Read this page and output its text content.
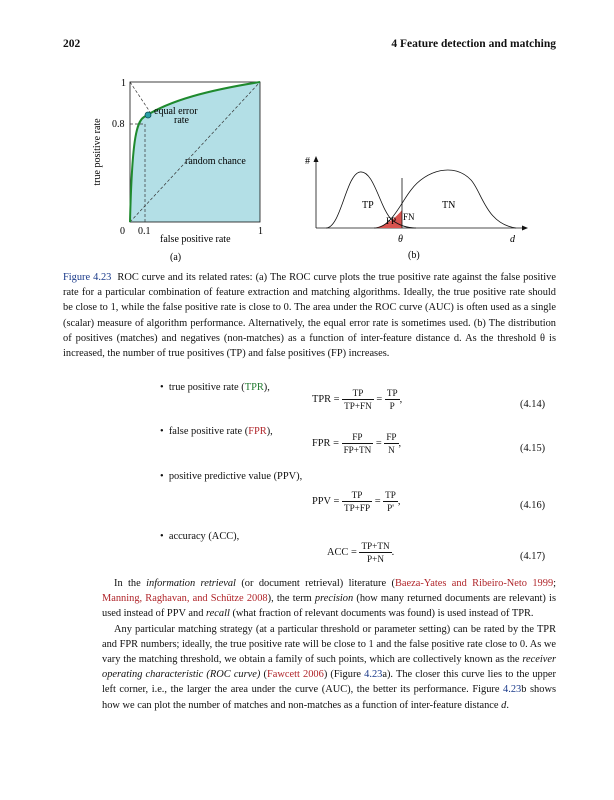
202	4 Feature detection and matching
equal error
rate
random chance
1
0.8
0 0.1	1
false positive rate
true positive rate
(a)
#
TP	TN
FP FN
θ	d
(b)
Figure 4.23 ROC curve and its related rates: (a) The ROC curve plots the true positive rate against the false positive rate for a particular combination of feature extraction and matching algorithms. Ideally, the true positive rate should be close to 1, while the false positive rate is close to 0. The area under the ROC curve (AUC) is often used as a single (scalar) measure of algorithm performance. Alternatively, the equal error rate is sometimes used. (b) The distribution of positives (matches) and negatives (non-matches) as a function of inter-feature distance d. As the threshold θ is increased, the number of true positives (TP) and false positives (FP) increases.
• true positive rate (TPR),
TPR = $\frac{TP}{TP+FN} = \frac{TP}{P}$ ,	(4.14)
• false positive rate (FPR),
FPR = $\frac{FP}{FP+TN} = \frac{FP}{N}$ ,	(4.15)
• positive predictive value (PPV),
PPV = $\frac{TP}{TP+FP} = \frac{TP}{P'}$ ,	(4.16)
• accuracy (ACC),
ACC = $\frac{TP+TN}{P+N}$ .	(4.17)

In the information retrieval (or document retrieval) literature (Baeza-Yates and Ribeiro-Neto 1999; Manning, Raghavan, and Schütze 2008), the term precision (how many returned documents are relevant) is used instead of PPV and recall (what fraction of relevant documents was found) is used instead of TPR.

Any particular matching strategy (at a particular threshold or parameter setting) can be rated by the TPR and FPR numbers; ideally, the true positive rate will be close to 1 and the false positive rate close to 0. As we vary the matching threshold, we obtain a family of such points, which are collectively known as the receiver operating characteristic (ROC curve) (Fawcett 2006) (Figure 4.23a). The closer this curve lies to the upper left corner, i.e., the larger the area under the curve (AUC), the better its performance. Figure 4.23b shows how we can plot the number of matches and non-matches as a function of inter-feature distance d.
